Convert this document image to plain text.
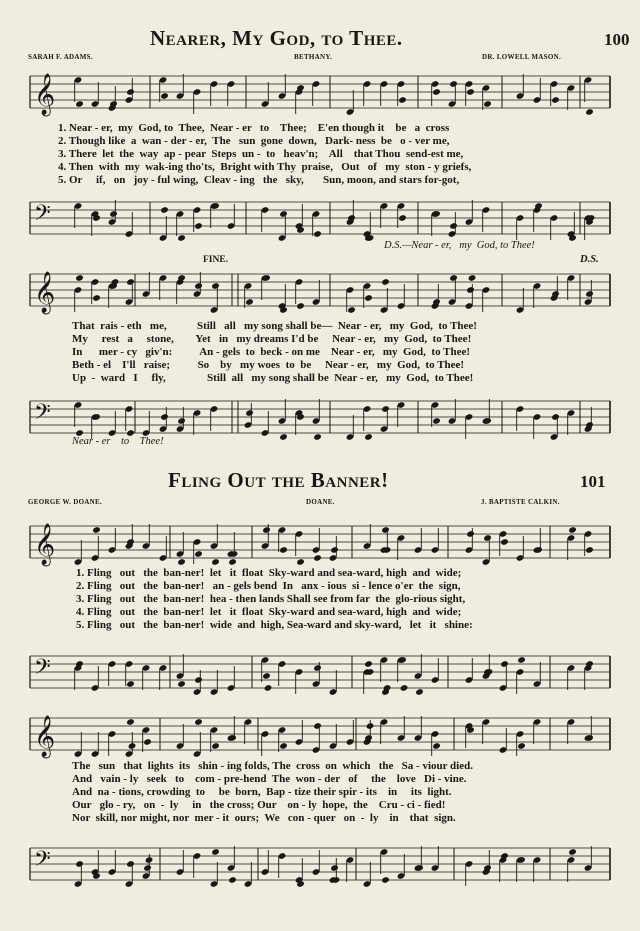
Nearer, My God, to Thee.	100
SARAH F. ADAMS.	BETHANY.	DR. LOWELL MASON.
𝄞
𝄢
1. Near - er,  my  God, to  Thee,  Near - er   to    Thee;    E'en though it    be   a  cross
2. Though like  a  wan - der - er,  The   sun  gone  down,   Dark- ness  be   o - ver me,
3. There  let  the  way  ap - pear  Steps  un -  to   heav'n;    All    that Thou  send-est me,
4. Then  with  my  wak-ing tho'ts,  Bright with Thy  praise,   Out   of   my  ston - y griefs,
5. Or     if,   on   joy - ful wing,  Cleav - ing   the   sky,       Sun, moon, and stars for-got,
D.S.—Near - er,   my  God, to Thee!
FINE.	D.S.
𝄞
𝄢
That  rais - eth   me,           Still   all   my song shall be—  Near - er,   my  God,  to Thee!
My     rest   a     stone,        Yet   in   my dreams I'd be     Near - er,   my  God,  to Thee!
In      mer - cy   giv'n:          An - gels  to  beck - on me    Near - er,   my  God,  to Thee!
Beth - el    I'll   raise;          So    by   my woes  to  be     Near - er,   my  God,  to Thee!
Up  -  ward   I     fly,               Still  all   my song shall be  Near - er,   my  God,  to Thee!
Near - er    to    Thee!
Fling Out the Banner!	101
GEORGE W. DOANE.	DOANE.	J. BAPTISTE CALKIN.
𝄞
𝄢
1. Fling   out   the  ban-ner!  let   it  float  Sky-ward and sea-ward, high  and  wide;
2. Fling   out   the  ban-ner!   an - gels bend  In   anx - ious  si - lence o'er  the  sign,
3. Fling   out   the  ban-ner!  hea - then lands Shall see from far  the  glo-rious sight,
4. Fling   out   the  ban-ner!  let   it  float  Sky-ward and sea-ward, high  and  wide;
5. Fling   out   the  ban-ner!  wide  and  high, Sea-ward and sky-ward,   let   it   shine:
𝄞
𝄢
The   sun   that  lights  its   shin - ing folds, The  cross  on  which   the   Sa - viour died.
And   vain - ly   seek   to    com - pre-hend  The  won - der   of     the    love   Di - vine.
And  na - tions, crowding  to     be  born,  Bap - tize their spir - its    in     its  light.
Our   glo - ry,   on  -  ly     in   the cross; Our    on - ly  hope,  the    Cru - ci - fied!
Nor  skill, nor might, nor  mer - it  ours;  We   con - quer   on  -  ly    in    that  sign.
